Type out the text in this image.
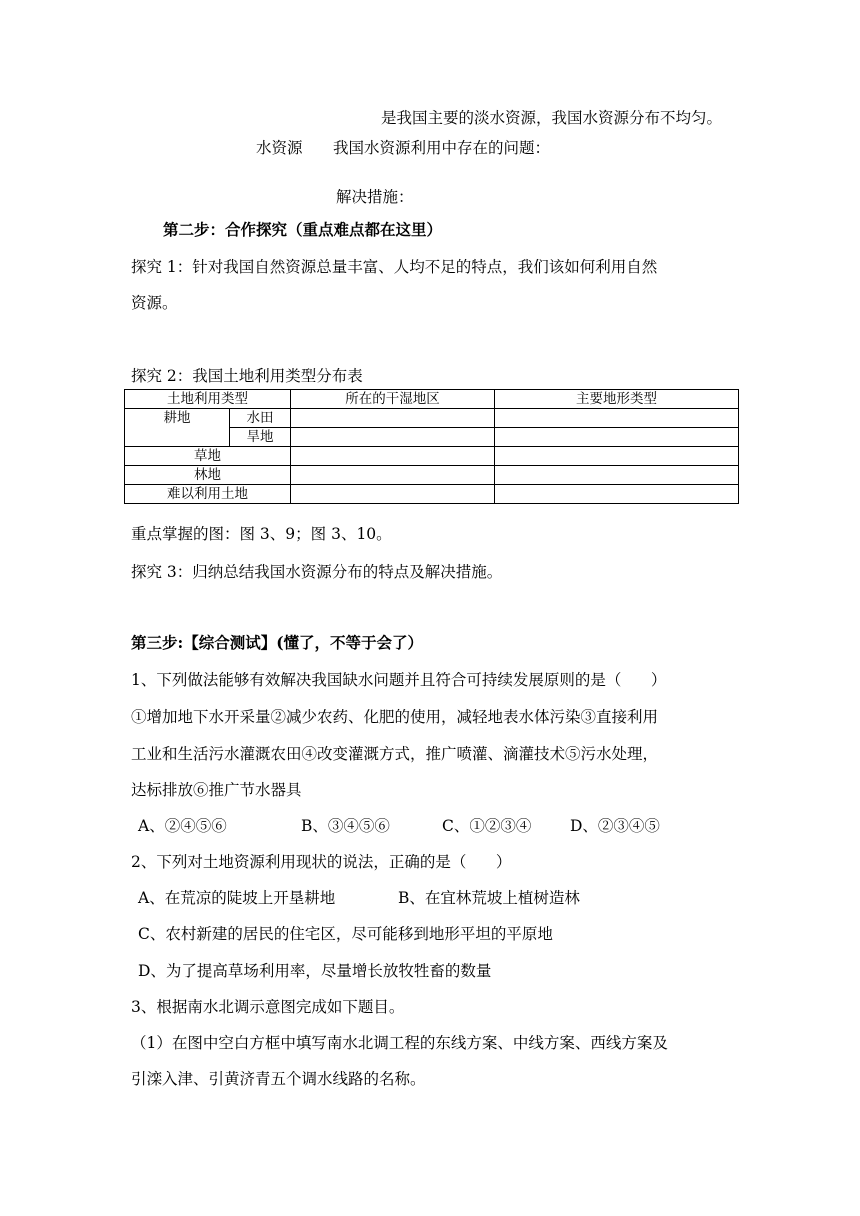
是我国主要的淡水资源，我国水资源分布不均匀。
水资源 我国水资源利用中存在的问题：
解决措施：
第二步：合作探究（重点难点都在这里）
探究 1：针对我国自然资源总量丰富、人均不足的特点，我们该如何利用自然
资源。
探究 2：我国土地利用类型分布表
土地利用类型		所在的干湿地区	主要地形类型
耕地	水田		
	旱地		
草地			
林地			
难以利用土地			
重点掌握的图：图 3、9；图 3、10。
探究 3：归纳总结我国水资源分布的特点及解决措施。
第三步:【综合测试】(懂了，不等于会了）
1、下列做法能够有效解决我国缺水问题并且符合可持续发展原则的是（      ）
①增加地下水开采量②减少农药、化肥的使用，减轻地表水体污染③直接利用
工业和生活污水灌溉农田④改变灌溉方式，推广喷灌、滴灌技术⑤污水处理，
达标排放⑥推广节水器具
A、②④⑤⑥	B、③④⑤⑥	C、①②③④ D、②③④⑤
2、下列对土地资源利用现状的说法，正确的是（      ）
A、在荒凉的陡坡上开垦耕地	B、在宜林荒坡上植树造林
C、农村新建的居民的住宅区，尽可能移到地形平坦的平原地
D、为了提高草场利用率，尽量增长放牧牲畜的数量
3、根据南水北调示意图完成如下题目。
（1）在图中空白方框中填写南水北调工程的东线方案、中线方案、西线方案及
引滦入津、引黄济青五个调水线路的名称。
